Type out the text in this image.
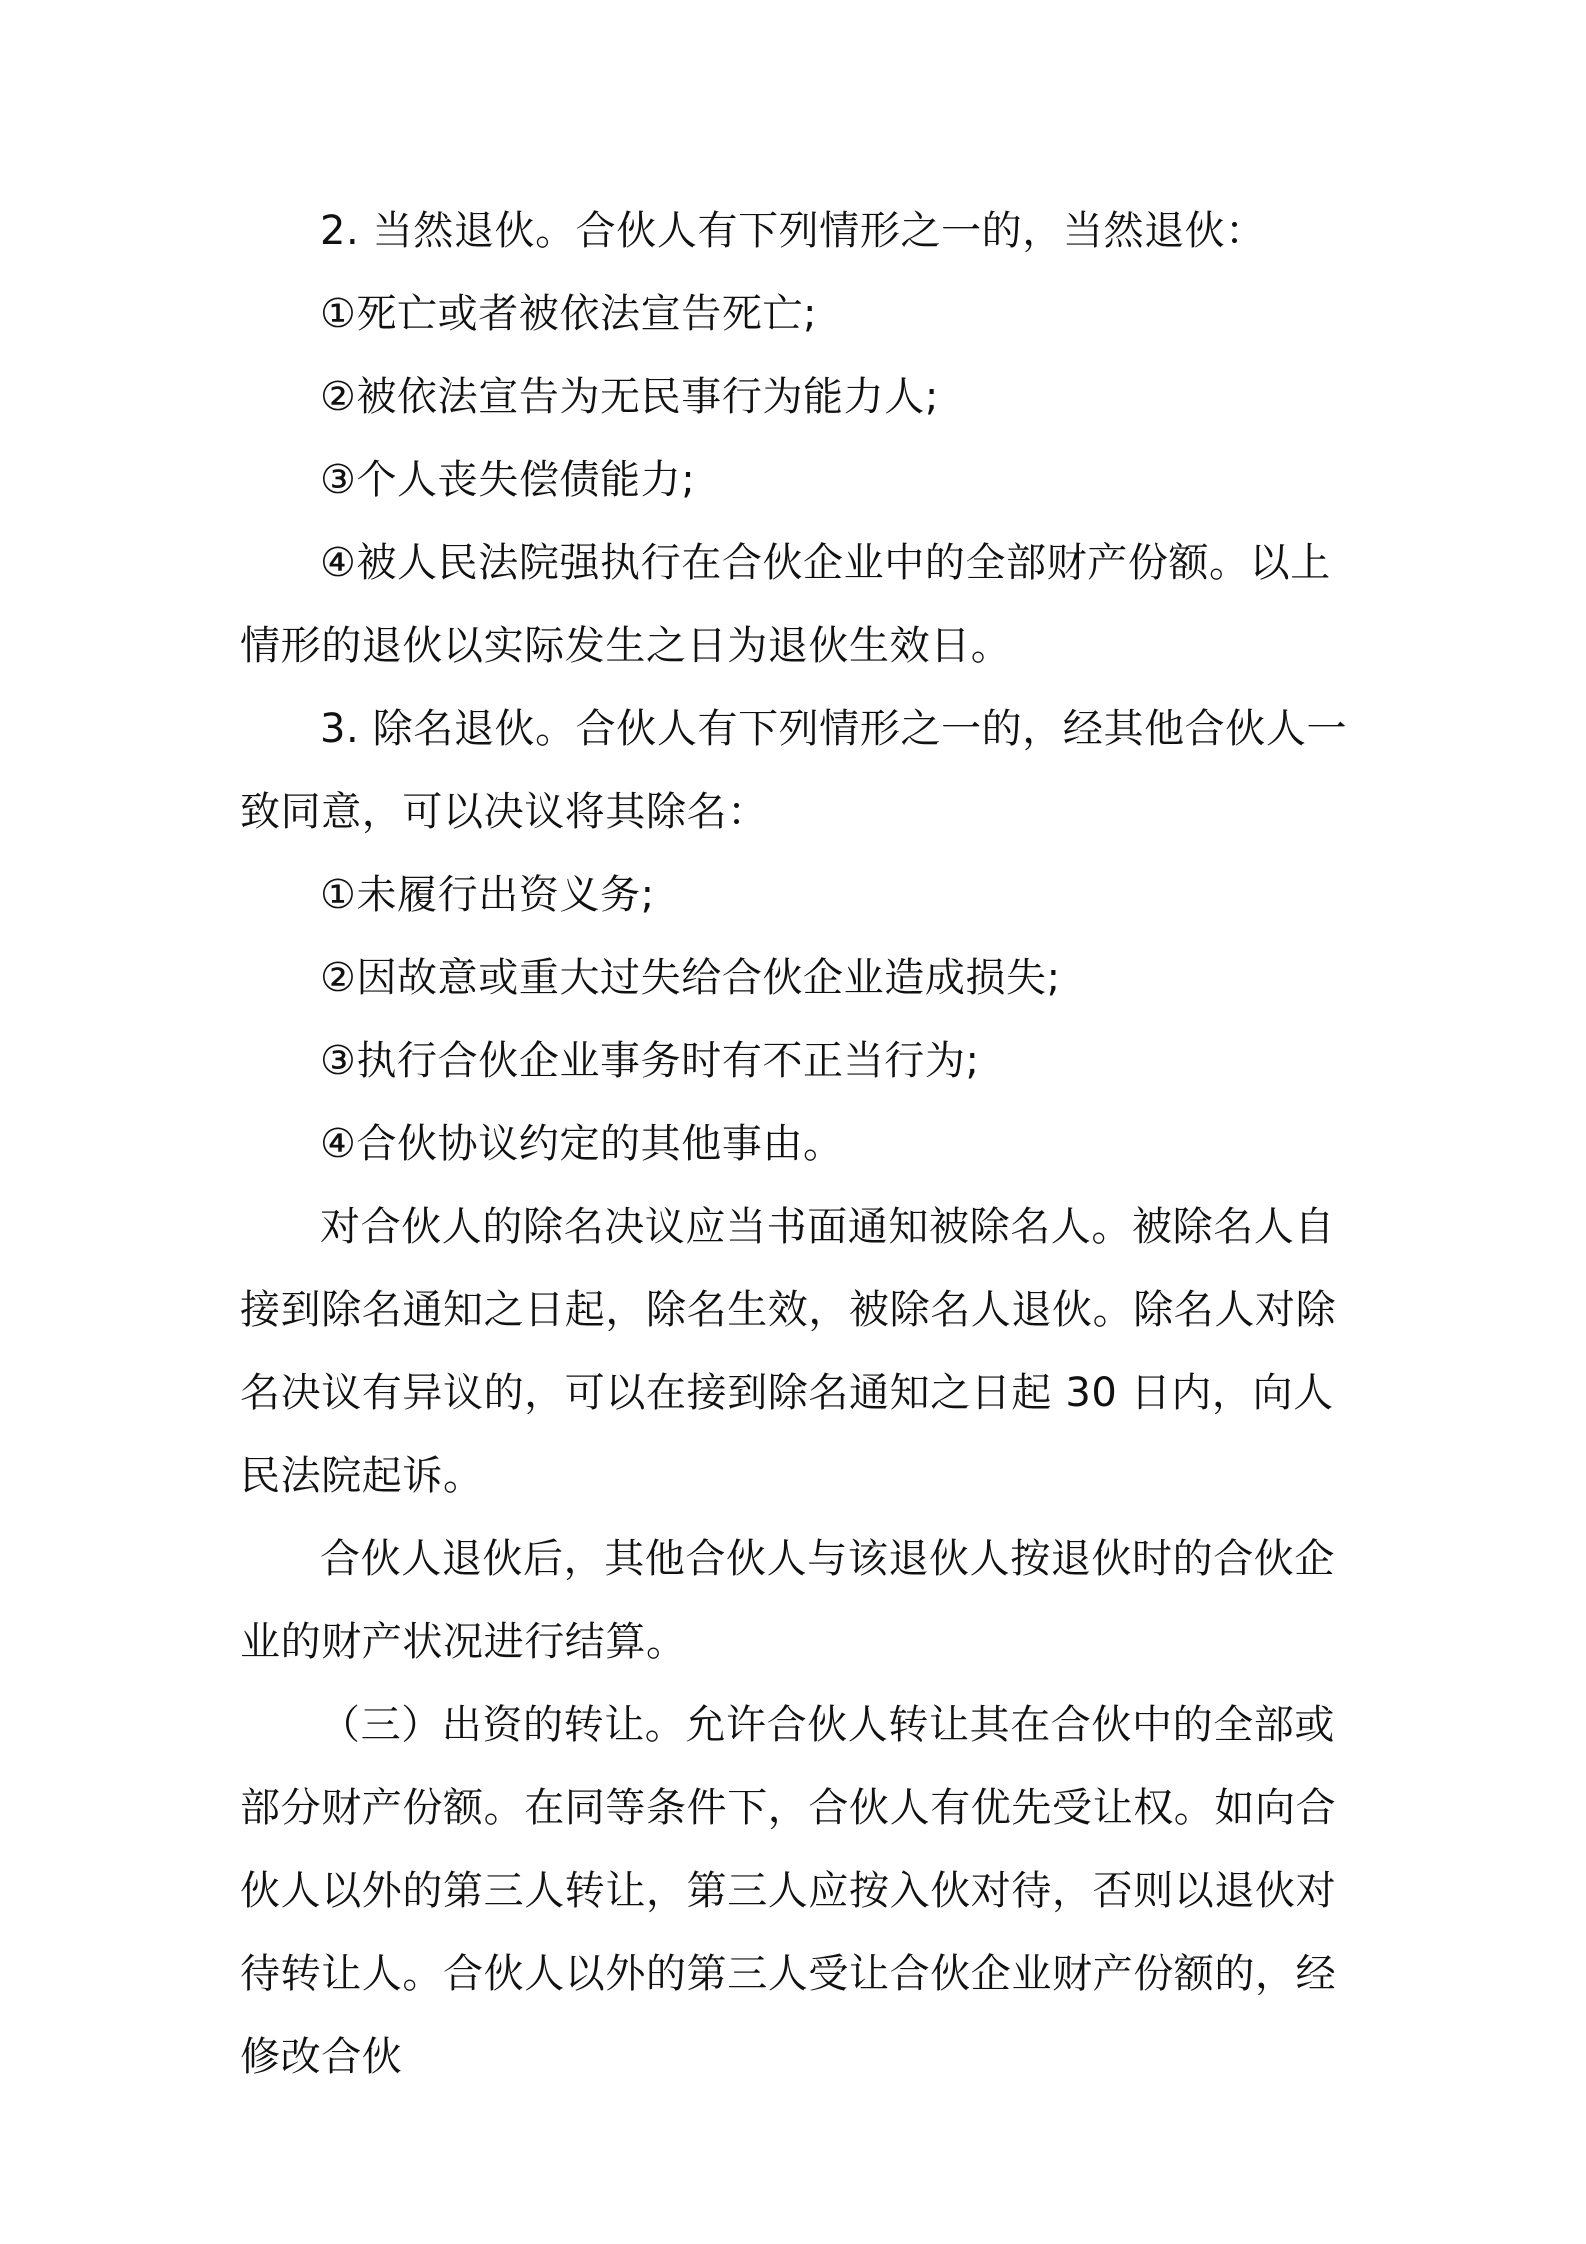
2. 当然退伙。合伙人有下列情形之一的，当然退伙：

①死亡或者被依法宣告死亡;

②被依法宣告为无民事行为能力人;

③个人丧失偿债能力;

④被人民法院强执行在合伙企业中的全部财产份额。以上情形的退伙以实际发生之日为退伙生效日。

3. 除名退伙。合伙人有下列情形之一的，经其他合伙人一致同意，可以决议将其除名：

①未履行出资义务;

②因故意或重大过失给合伙企业造成损失;

③执行合伙企业事务时有不正当行为;

④合伙协议约定的其他事由。

对合伙人的除名决议应当书面通知被除名人。被除名人自接到除名通知之日起，除名生效，被除名人退伙。除名人对除名决议有异议的，可以在接到除名通知之日起 30 日内，向人民法院起诉。

合伙人退伙后，其他合伙人与该退伙人按退伙时的合伙企业的财产状况进行结算。

（三）出资的转让。允许合伙人转让其在合伙中的全部或部分财产份额。在同等条件下，合伙人有优先受让权。如向合伙人以外的第三人转让，第三人应按入伙对待，否则以退伙对待转让人。合伙人以外的第三人受让合伙企业财产份额的，经修改合伙
